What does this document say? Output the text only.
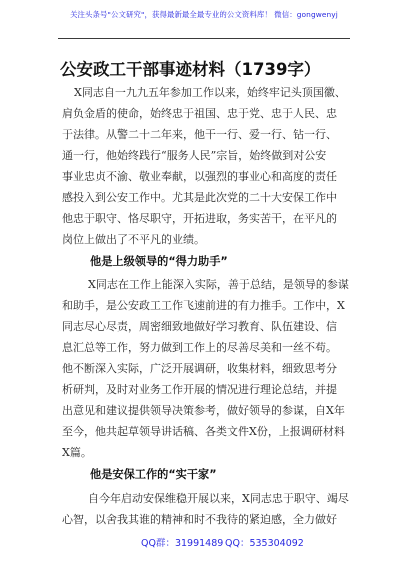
关注头条号"公文研究"，获得最新最全最专业的公文资料库！ 微信：gongwenyj
公安政工干部事迹材料（1739字）
X同志自一九九五年参加工作以来，始终牢记头顶国徽、
肩负金盾的使命，始终忠于祖国、忠于党、忠于人民、忠
于法律。从警二十二年来，他干一行、爱一行、钻一行、
通一行，他始终践行“服务人民”宗旨，始终做到对公安
事业忠贞不渝、敬业奉献，以强烈的事业心和高度的责任
感投入到公安工作中。尤其是此次党的二十大安保工作中
他忠于职守、恪尽职守，开拓进取，务实苦干，在平凡的
岗位上做出了不平凡的业绩。
他是上级领导的“得力助手”
X同志在工作上能深入实际，善于总结，是领导的参谋
和助手，是公安政工工作飞速前进的有力推手。工作中，X
同志尽心尽责，周密细致地做好学习教育、队伍建设、信
息汇总等工作，努力做到工作上的尽善尽美和一丝不苟。
他不断深入实际，广泛开展调研，收集材料，细致思考分
析研判，及时对业务工作开展的情况进行理论总结，并提
出意见和建议提供领导决策参考，做好领导的参谋，自X年
至今，他共起草领导讲话稿、各类文件X份，上报调研材料
X篇。
他是安保工作的“实干家”
自今年启动安保维稳开展以来，X同志忠于职守、竭尽
心智，以舍我其谁的精神和时不我待的紧迫感，全力做好
QQ群：31991489 QQ：535304092
